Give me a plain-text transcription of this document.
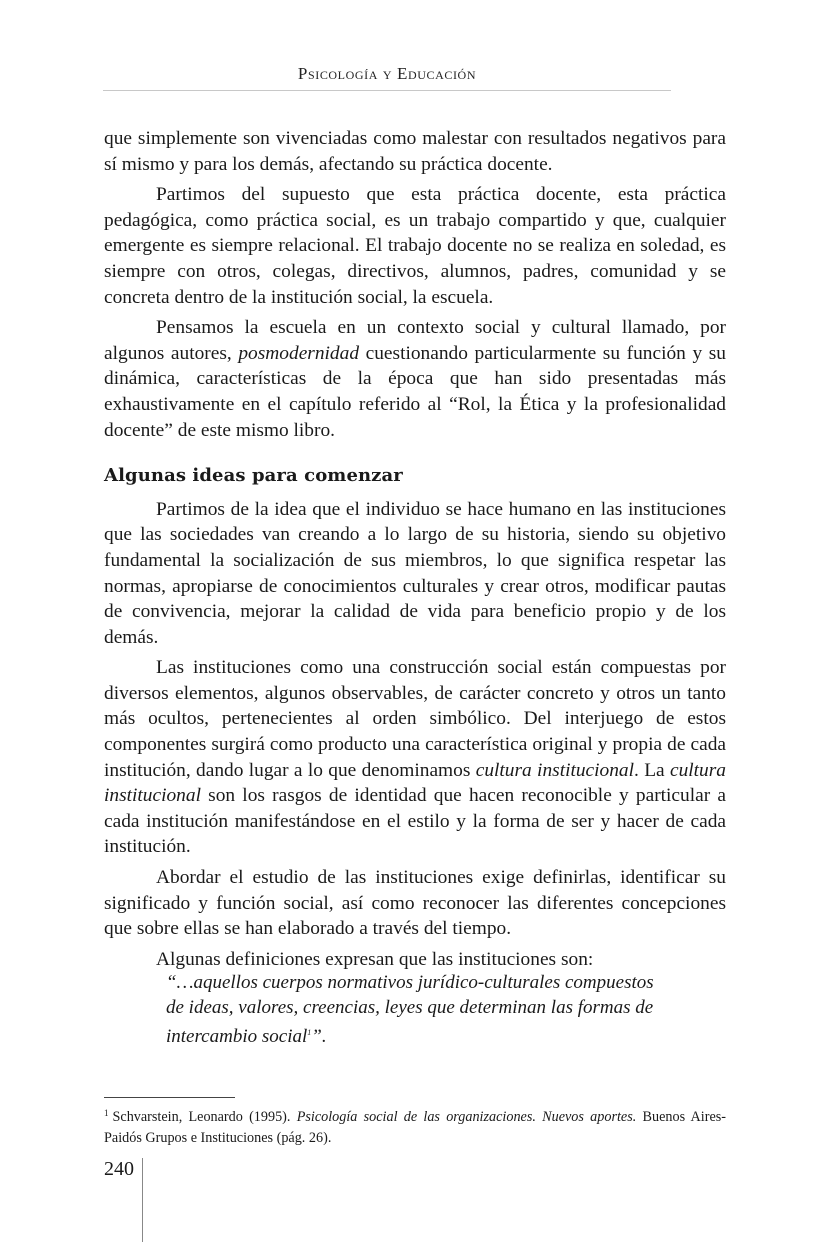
Psicología y Educación

que simplemente son vivenciadas como malestar con resultados negativos para sí mismo y para los demás, afectando su práctica docente.

Partimos del supuesto que esta práctica docente, esta práctica pedagógica, como práctica social, es un trabajo compartido y que, cualquier emergente es siempre relacional. El trabajo docente no se realiza en soledad, es siempre con otros, colegas, directivos, alumnos, padres, comunidad y se concreta dentro de la institución social, la escuela.

Pensamos la escuela en un contexto social y cultural llamado, por algunos autores, posmodernidad cuestionando particularmente su función y su dinámica, características de la época que han sido presentadas más exhaustivamente en el capítulo referido al “Rol, la Ética y la profesionalidad docente” de este mismo libro.

Algunas ideas para comenzar

Partimos de la idea que el individuo se hace humano en las instituciones que las sociedades van creando a lo largo de su historia, siendo su objetivo fundamental la socialización de sus miembros, lo que significa respetar las normas, apropiarse de conocimientos culturales y crear otros, modificar pautas de convivencia, mejorar la calidad de vida para beneficio propio y de los demás.

Las instituciones como una construcción social están compuestas por diversos elementos, algunos observables, de carácter concreto y otros un tanto más ocultos, pertenecientes al orden simbólico. Del interjuego de estos componentes surgirá como producto una característica original y propia de cada institución, dando lugar a lo que denominamos cultura institucional. La cultura institucional son los rasgos de identidad que hacen reconocible y particular a cada institución manifestándose en el estilo y la forma de ser y hacer de cada institución.

Abordar el estudio de las instituciones exige definirlas, identificar su significado y función social, así como reconocer las diferentes concepciones que sobre ellas se han elaborado a través del tiempo.

Algunas definiciones expresan que las instituciones son:

“…aquellos cuerpos normativos jurídico-culturales compuestos de ideas, valores, creencias, leyes que determinan las formas de intercambio social$^1$”.

$^1$ Schvarstein, Leonardo (1995). Psicología social de las organizaciones. Nuevos aportes. Buenos Aires-Paidós Grupos e Instituciones (pág. 26).
240
